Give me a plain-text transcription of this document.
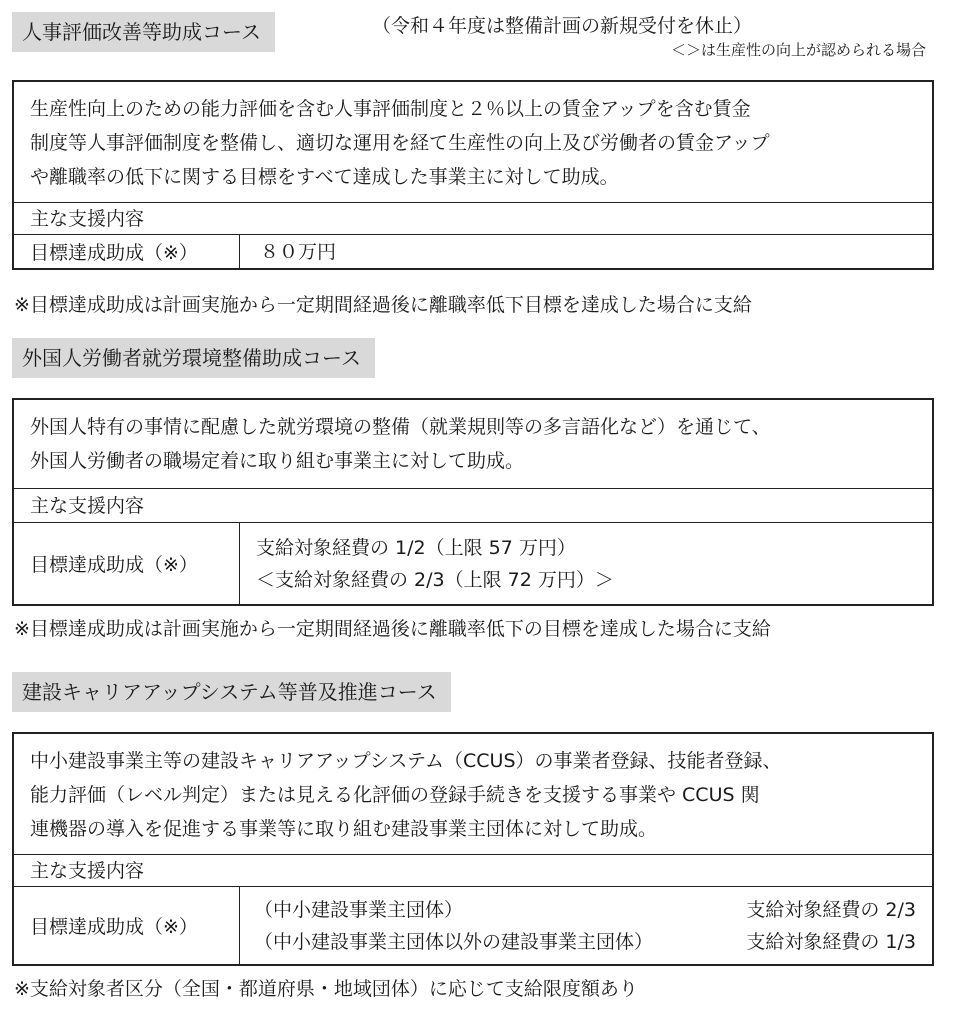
人事評価改善等助成コース	（令和４年度は整備計画の新規受付を休止）
＜＞は生産性の向上が認められる場合
生産性向上のための能力評価を含む人事評価制度と２％以上の賃金アップを含む賃金
制度等人事評価制度を整備し、適切な運用を経て生産性の向上及び労働者の賃金アップ
や離職率の低下に関する目標をすべて達成した事業主に対して助成。
主な支援内容
目標達成助成（※）	８０万円
※目標達成助成は計画実施から一定期間経過後に離職率低下目標を達成した場合に支給
外国人労働者就労環境整備助成コース
外国人特有の事情に配慮した就労環境の整備（就業規則等の多言語化など）を通じて、
外国人労働者の職場定着に取り組む事業主に対して助成。
主な支援内容
目標達成助成（※）
支給対象経費の 1/2（上限 57 万円）
＜支給対象経費の 2/3（上限 72 万円）＞
※目標達成助成は計画実施から一定期間経過後に離職率低下の目標を達成した場合に支給
建設キャリアアップシステム等普及推進コース
中小建設事業主等の建設キャリアアップシステム（CCUS）の事業者登録、技能者登録、
能力評価（レベル判定）または見える化評価の登録手続きを支援する事業や CCUS 関
連機器の導入を促進する事業等に取り組む建設事業主団体に対して助成。
主な支援内容
目標達成助成（※）
（中小建設事業主団体）	支給対象経費の 2/3
（中小建設事業主団体以外の建設事業主団体）	支給対象経費の 1/3
※支給対象者区分（全国・都道府県・地域団体）に応じて支給限度額あり
